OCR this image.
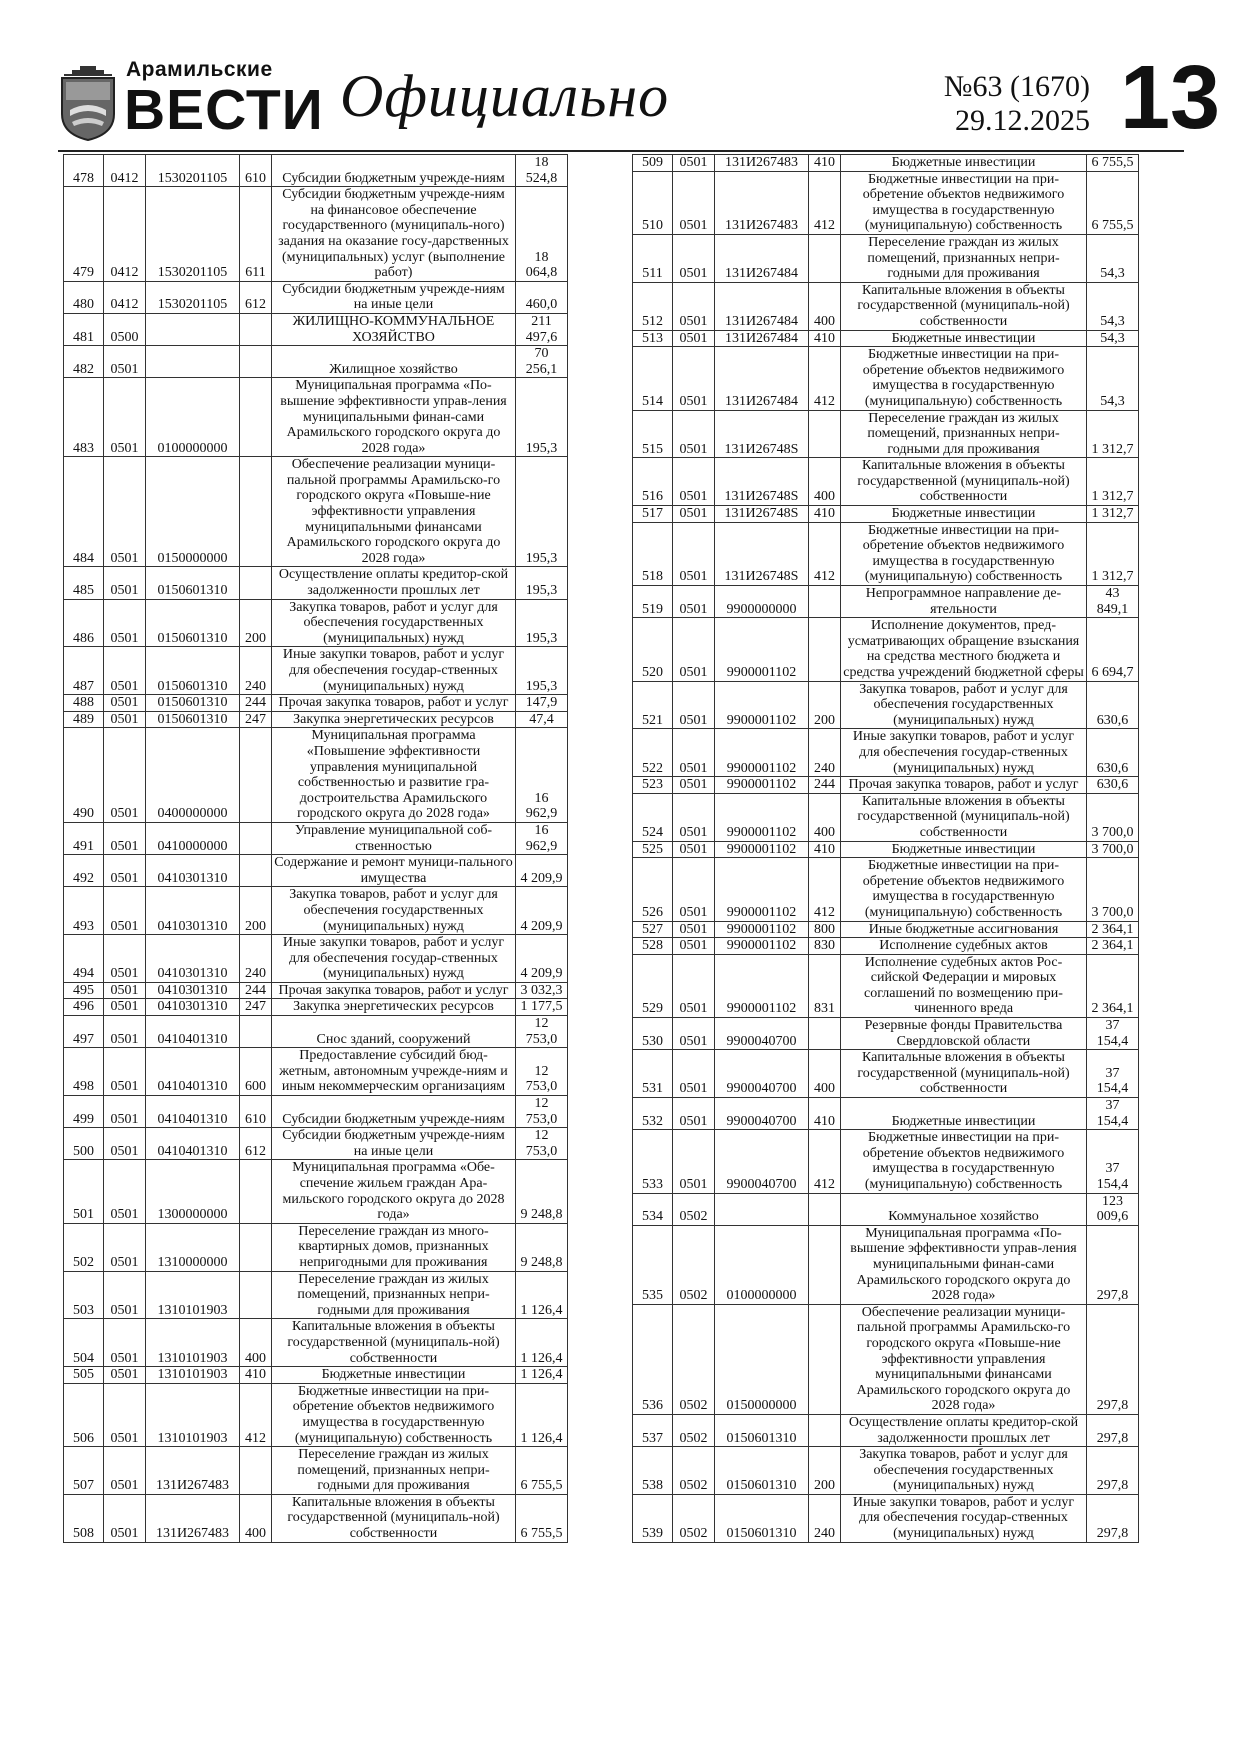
Арамильские
ВЕСТИ Официально	№63 (1670)
29.12.2025 13
478	0412	1530201105	610	Субсидии бюджетным учрежде-ниям	18 524,8
479	0412	1530201105	611	Субсидии бюджетным учрежде-ниям на финансовое обеспечение государственного (муниципаль-ного) задания на оказание госу-дарственных (муниципальных) услуг (выполнение работ)	18 064,8
480	0412	1530201105	612	Субсидии бюджетным учрежде-ниям на иные цели	460,0
481	0500			ЖИЛИЩНО-КОММУНАЛЬНОЕ ХОЗЯЙСТВО	211 497,6
482	0501			Жилищное хозяйство	70 256,1
483	0501	0100000000		Муниципальная программа «По-вышение эффективности управ-ления муниципальными финан-сами Арамильского городского округа до 2028 года»	195,3
484	0501	0150000000		Обеспечение реализации муници-пальной программы Арамильско-го городского округа «Повыше-ние эффективности управления муниципальными финансами Арамильского городского округа до 2028 года»	195,3
485	0501	0150601310		Осуществление оплаты кредитор-ской задолженности прошлых лет	195,3
486	0501	0150601310	200	Закупка товаров, работ и услуг для обеспечения государственных (муниципальных) нужд	195,3
487	0501	0150601310	240	Иные закупки товаров, работ и услуг для обеспечения государ-ственных (муниципальных) нужд	195,3
488	0501	0150601310	244	Прочая закупка товаров, работ и услуг	147,9
489	0501	0150601310	247	Закупка энергетических ресурсов	47,4
490	0501	0400000000		Муниципальная программа «Повышение эффективности управления муниципальной собственностью и развитие гра-достроительства Арамильского городского округа до 2028 года»	16 962,9
491	0501	0410000000		Управление муниципальной соб-ственностью	16 962,9
492	0501	0410301310		Содержание и ремонт муници-пального имущества	4 209,9
493	0501	0410301310	200	Закупка товаров, работ и услуг для обеспечения государственных (муниципальных) нужд	4 209,9
494	0501	0410301310	240	Иные закупки товаров, работ и услуг для обеспечения государ-ственных (муниципальных) нужд	4 209,9
495	0501	0410301310	244	Прочая закупка товаров, работ и услуг	3 032,3
496	0501	0410301310	247	Закупка энергетических ресурсов	1 177,5
497	0501	0410401310		Снос зданий, сооружений	12 753,0
498	0501	0410401310	600	Предоставление субсидий бюд-жетным, автономным учрежде-ниям и иным некоммерческим организациям	12 753,0
499	0501	0410401310	610	Субсидии бюджетным учрежде-ниям	12 753,0
500	0501	0410401310	612	Субсидии бюджетным учрежде-ниям на иные цели	12 753,0
501	0501	1300000000		Муниципальная программа «Обе-спечение жильем граждан Ара-мильского городского округа до 2028 года»	9 248,8
502	0501	1310000000		Переселение граждан из много-квартирных домов, признанных непригодными для проживания	9 248,8
503	0501	1310101903		Переселение граждан из жилых помещений, признанных непри-годными для проживания	1 126,4
504	0501	1310101903	400	Капитальные вложения в объекты государственной (муниципаль-ной) собственности	1 126,4
505	0501	1310101903	410	Бюджетные инвестиции	1 126,4
506	0501	1310101903	412	Бюджетные инвестиции на при-обретение объектов недвижимого имущества в государственную (муниципальную) собственность	1 126,4
507	0501	131И267483		Переселение граждан из жилых помещений, признанных непри-годными для проживания	6 755,5
508	0501	131И267483	400	Капитальные вложения в объекты государственной (муниципаль-ной) собственности	6 755,5
509	0501	131И267483	410	Бюджетные инвестиции	6 755,5
510	0501	131И267483	412	Бюджетные инвестиции на при-обретение объектов недвижимого имущества в государственную (муниципальную) собственность	6 755,5
511	0501	131И267484		Переселение граждан из жилых помещений, признанных непри-годными для проживания	54,3
512	0501	131И267484	400	Капитальные вложения в объекты государственной (муниципаль-ной) собственности	54,3
513	0501	131И267484	410	Бюджетные инвестиции	54,3
514	0501	131И267484	412	Бюджетные инвестиции на при-обретение объектов недвижимого имущества в государственную (муниципальную) собственность	54,3
515	0501	131И26748S		Переселение граждан из жилых помещений, признанных непри-годными для проживания	1 312,7
516	0501	131И26748S	400	Капитальные вложения в объекты государственной (муниципаль-ной) собственности	1 312,7
517	0501	131И26748S	410	Бюджетные инвестиции	1 312,7
518	0501	131И26748S	412	Бюджетные инвестиции на при-обретение объектов недвижимого имущества в государственную (муниципальную) собственность	1 312,7
519	0501	9900000000		Непрограммное направление де-ятельности	43 849,1
520	0501	9900001102		Исполнение документов, пред-усматривающих обращение взыскания на средства местного бюджета и средства учреждений бюджетной сферы	6 694,7
521	0501	9900001102	200	Закупка товаров, работ и услуг для обеспечения государственных (муниципальных) нужд	630,6
522	0501	9900001102	240	Иные закупки товаров, работ и услуг для обеспечения государ-ственных (муниципальных) нужд	630,6
523	0501	9900001102	244	Прочая закупка товаров, работ и услуг	630,6
524	0501	9900001102	400	Капитальные вложения в объекты государственной (муниципаль-ной) собственности	3 700,0
525	0501	9900001102	410	Бюджетные инвестиции	3 700,0
526	0501	9900001102	412	Бюджетные инвестиции на при-обретение объектов недвижимого имущества в государственную (муниципальную) собственность	3 700,0
527	0501	9900001102	800	Иные бюджетные ассигнования	2 364,1
528	0501	9900001102	830	Исполнение судебных актов	2 364,1
529	0501	9900001102	831	Исполнение судебных актов Рос-сийской Федерации и мировых соглашений по возмещению при-чиненного вреда	2 364,1
530	0501	9900040700		Резервные фонды Правительства Свердловской области	37 154,4
531	0501	9900040700	400	Капитальные вложения в объекты государственной (муниципаль-ной) собственности	37 154,4
532	0501	9900040700	410	Бюджетные инвестиции	37 154,4
533	0501	9900040700	412	Бюджетные инвестиции на при-обретение объектов недвижимого имущества в государственную (муниципальную) собственность	37 154,4
534	0502			Коммунальное хозяйство	123 009,6
535	0502	0100000000		Муниципальная программа «По-вышение эффективности управ-ления муниципальными финан-сами Арамильского городского округа до 2028 года»	297,8
536	0502	0150000000		Обеспечение реализации муници-пальной программы Арамильско-го городского округа «Повыше-ние эффективности управления муниципальными финансами Арамильского городского округа до 2028 года»	297,8
537	0502	0150601310		Осуществление оплаты кредитор-ской задолженности прошлых лет	297,8
538	0502	0150601310	200	Закупка товаров, работ и услуг для обеспечения государственных (муниципальных) нужд	297,8
539	0502	0150601310	240	Иные закупки товаров, работ и услуг для обеспечения государ-ственных (муниципальных) нужд	297,8
